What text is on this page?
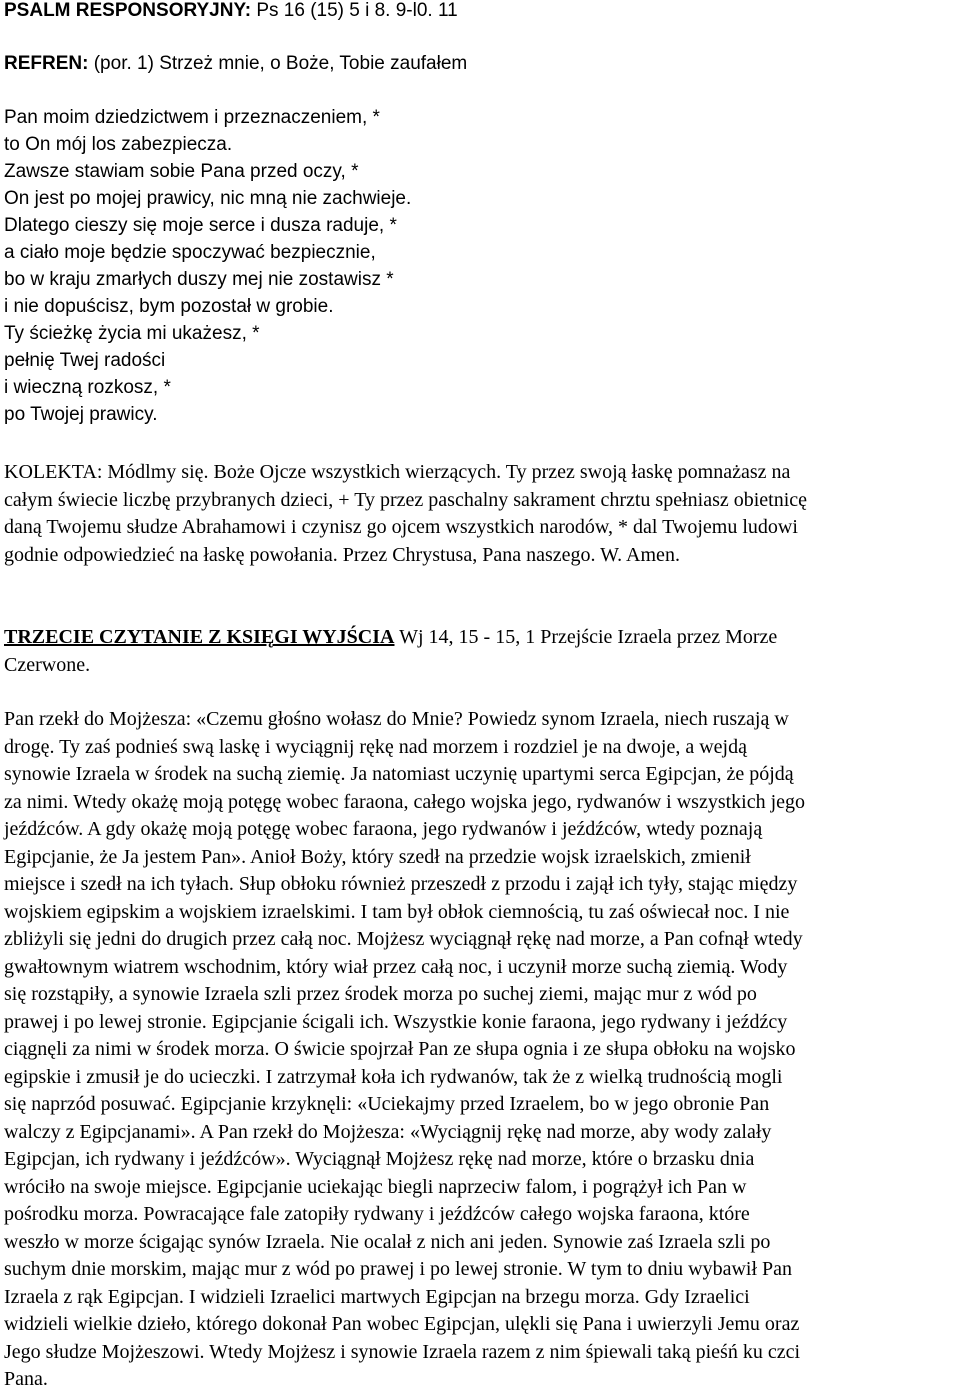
PSALM RESPONSORYJNY: Ps 16 (15) 5 i 8. 9-l0. 11
REFREN: (por. 1) Strzeż mnie, o Boże, Tobie zaufałem
Pan moim dziedzictwem i przeznaczeniem, *
to On mój los zabezpiecza.
Zawsze stawiam sobie Pana przed oczy, *
On jest po mojej prawicy, nic mną nie zachwieje.
Dlatego cieszy się moje serce i dusza raduje, *
a ciało moje będzie spoczywać bezpiecznie,
bo w kraju zmarłych duszy mej nie zostawisz *
i nie dopuścisz, bym pozostał w grobie.
Ty ścieżkę życia mi ukażesz, *
pełnię Twej radości
i wieczną rozkosz, *
po Twojej prawicy.
KOLEKTA: Módlmy się. Boże Ojcze wszystkich wierzących. Ty przez swoją łaskę pomnażasz na
całym świecie liczbę przybranych dzieci, + Ty przez paschalny sakrament chrztu spełniasz obietnicę
daną Twojemu słudze Abrahamowi i czynisz go ojcem wszystkich narodów, * dal Twojemu ludowi
godnie odpowiedzieć na łaskę powołania. Przez Chrystusa, Pana naszego. W. Amen.
TRZECIE CZYTANIE Z KSIĘGI WYJŚCIA Wj 14, 15 - 15, 1 Przejście Izraela przez Morze
Czerwone.
Pan rzekł do Mojżesza: «Czemu głośno wołasz do Mnie? Powiedz synom Izraela, niech ruszają w
drogę. Ty zaś podnieś swą laskę i wyciągnij rękę nad morzem i rozdziel je na dwoje, a wejdą
synowie Izraela w środek na suchą ziemię. Ja natomiast uczynię upartymi serca Egipcjan, że pójdą
za nimi. Wtedy okażę moją potęgę wobec faraona, całego wojska jego, rydwanów i wszystkich jego
jeźdźców. A gdy okażę moją potęgę wobec faraona, jego rydwanów i jeźdźców, wtedy poznają
Egipcjanie, że Ja jestem Pan». Anioł Boży, który szedł na przedzie wojsk izraelskich, zmienił
miejsce i szedł na ich tyłach. Słup obłoku również przeszedł z przodu i zajął ich tyły, stając między
wojskiem egipskim a wojskiem izraelskimi. I tam był obłok ciemnością, tu zaś oświecał noc. I nie
zbliżyli się jedni do drugich przez całą noc. Mojżesz wyciągnął rękę nad morze, a Pan cofnął wtedy
gwałtownym wiatrem wschodnim, który wiał przez całą noc, i uczynił morze suchą ziemią. Wody
się rozstąpiły, a synowie Izraela szli przez środek morza po suchej ziemi, mając mur z wód po
prawej i po lewej stronie. Egipcjanie ścigali ich. Wszystkie konie faraona, jego rydwany i jeźdźcy
ciągnęli za nimi w środek morza. O świcie spojrzał Pan ze słupa ognia i ze słupa obłoku na wojsko
egipskie i zmusił je do ucieczki. I zatrzymał koła ich rydwanów, tak że z wielką trudnością mogli
się naprzód posuwać. Egipcjanie krzyknęli: «Uciekajmy przed Izraelem, bo w jego obronie Pan
walczy z Egipcjanami». A Pan rzekł do Mojżesza: «Wyciągnij rękę nad morze, aby wody zalały
Egipcjan, ich rydwany i jeźdźców». Wyciągnął Mojżesz rękę nad morze, które o brzasku dnia
wróciło na swoje miejsce. Egipcjanie uciekając biegli naprzeciw falom, i pogrążył ich Pan w
pośrodku morza. Powracające fale zatopiły rydwany i jeźdźców całego wojska faraona, które
weszło w morze ścigając synów Izraela. Nie ocalał z nich ani jeden. Synowie zaś Izraela szli po
suchym dnie morskim, mając mur z wód po prawej i po lewej stronie. W tym to dniu wybawił Pan
Izraela z rąk Egipcjan. I widzieli Izraelici martwych Egipcjan na brzegu morza. Gdy Izraelici
widzieli wielkie dzieło, którego dokonał Pan wobec Egipcjan, ulękli się Pana i uwierzyli Jemu oraz
Jego słudze Mojżeszowi. Wtedy Mojżesz i synowie Izraela razem z nim śpiewali taką pieśń ku czci
Pana.
